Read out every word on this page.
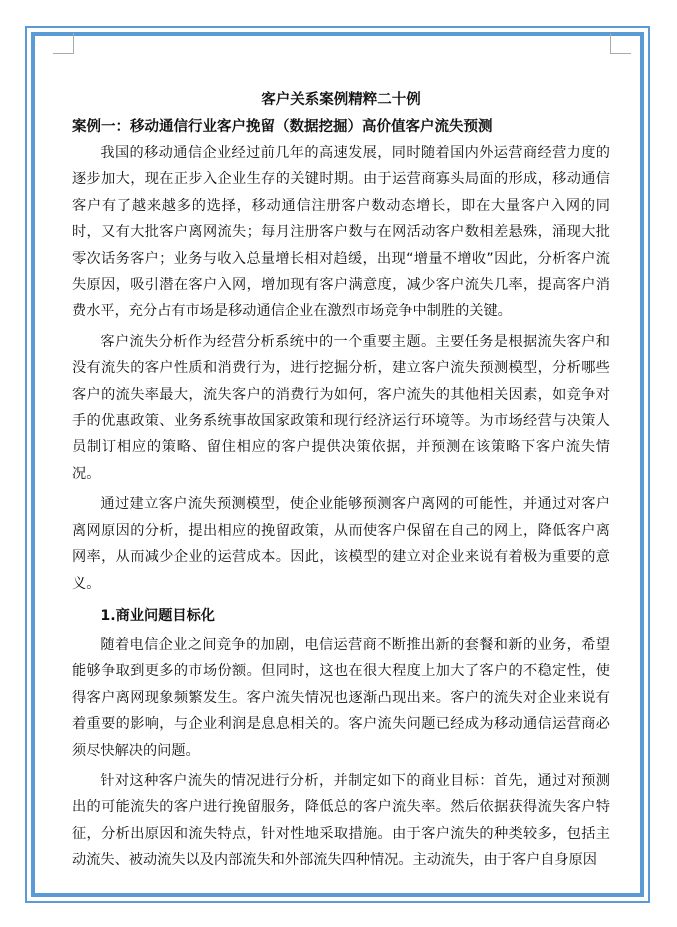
客户关系案例精粹二十例
案例一：移动通信行业客户挽留（数据挖掘）高价值客户流失预测

我国的移动通信企业经过前几年的高速发展，同时随着国内外运营商经营力度的逐步加大，现在正步入企业生存的关键时期。由于运营商寡头局面的形成，移动通信客户有了越来越多的选择，移动通信注册客户数动态增长，即在大量客户入网的同时，又有大批客户离网流失；每月注册客户数与在网活动客户数相差悬殊，涌现大批零次话务客户；业务与收入总量增长相对趋缓，出现“增量不增收”因此，分析客户流失原因，吸引潜在客户入网，增加现有客户满意度，减少客户流失几率，提高客户消费水平，充分占有市场是移动通信企业在激烈市场竞争中制胜的关键。

客户流失分析作为经营分析系统中的一个重要主题。主要任务是根据流失客户和没有流失的客户性质和消费行为，进行挖掘分析，建立客户流失预测模型，分析哪些客户的流失率最大，流失客户的消费行为如何，客户流失的其他相关因素，如竞争对手的优惠政策、业务系统事故国家政策和现行经济运行环境等。为市场经营与决策人员制订相应的策略、留住相应的客户提供决策依据，并预测在该策略下客户流失情况。

通过建立客户流失预测模型，使企业能够预测客户离网的可能性，并通过对客户离网原因的分析，提出相应的挽留政策，从而使客户保留在自己的网上，降低客户离网率，从而减少企业的运营成本。因此，该模型的建立对企业来说有着极为重要的意义。

1.商业问题目标化

随着电信企业之间竞争的加剧，电信运营商不断推出新的套餐和新的业务，希望能够争取到更多的市场份额。但同时，这也在很大程度上加大了客户的不稳定性，使得客户离网现象频繁发生。客户流失情况也逐渐凸现出来。客户的流失对企业来说有着重要的影响，与企业利润是息息相关的。客户流失问题已经成为移动通信运营商必须尽快解决的问题。

针对这种客户流失的情况进行分析，并制定如下的商业目标：首先，通过对预测出的可能流失的客户进行挽留服务，降低总的客户流失率。然后依据获得流失客户特征，分析出原因和流失特点，针对性地采取措施。由于客户流失的种类较多，包括主动流失、被动流失以及内部流失和外部流失四种情况。主动流失，由于客户自身原因
